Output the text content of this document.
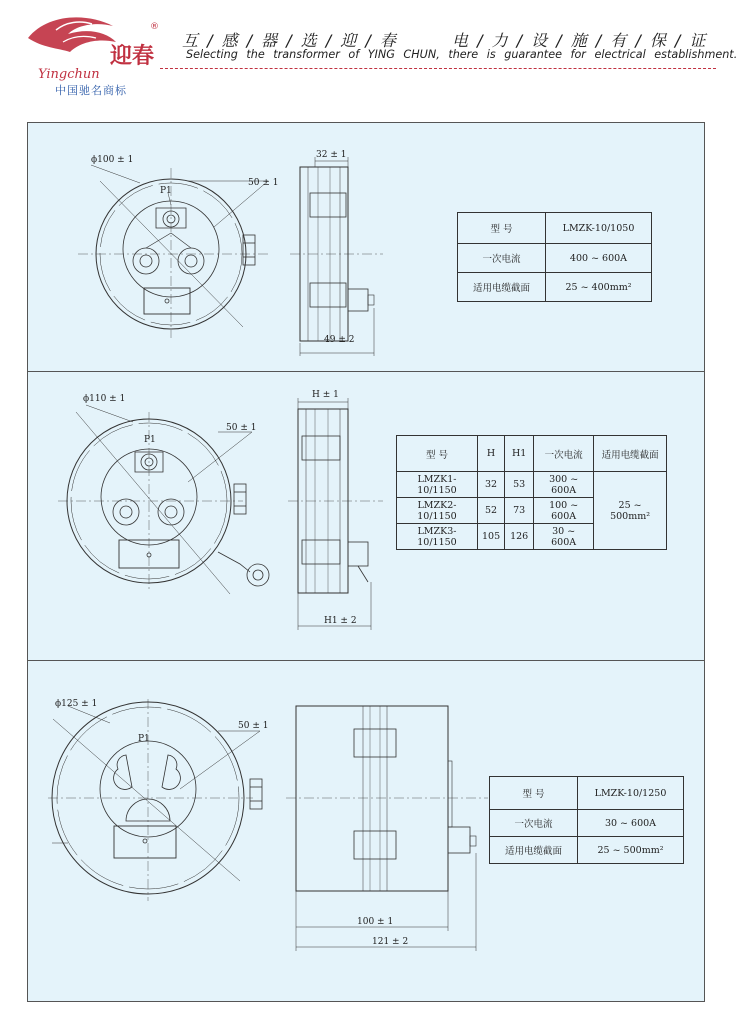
迎春
Yingchun
®
中国驰名商标
互 / 感 / 器 / 选 / 迎 / 春	电 / 力 / 设 / 施 / 有 / 保 / 证
Selecting the transformer of YING CHUN, there is guarantee for electrical establishment.
ϕ100 ± 1
50 ± 1
P1
32 ± 1
49 ± 2
型 号	LMZK-10/1050
一次电流	400 ~ 600A
适用电缆截面	25 ~ 400mm²
ϕ110 ± 1
50 ± 1
P1
H ± 1
H1 ± 2
型 号	H	H1	一次电流	适用电缆截面
LMZK1-10/1150	32	53	300 ~ 600A	25 ~ 500mm²
LMZK2-10/1150	52	73	100 ~ 600A	
LMZK3-10/1150	105	126	30 ~ 600A	
ϕ125 ± 1
50 ± 1
P1
100 ± 1
121 ± 2
型 号	LMZK-10/1250
一次电流	30 ~ 600A
适用电缆截面	25 ~ 500mm²
